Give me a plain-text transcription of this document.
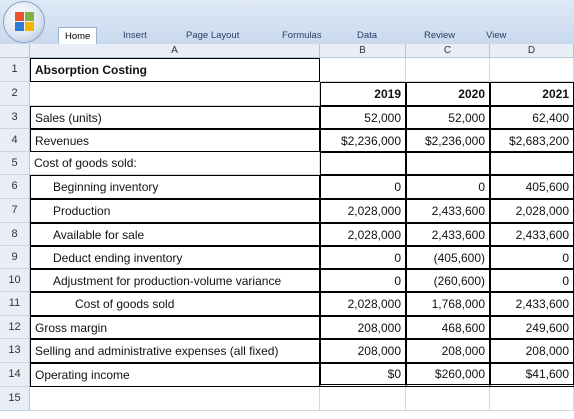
Home	Insert	Page Layout	Formulas	Data	Review	View
A	B	C	D
1
2
3
4
5
6
7
8
9
10
11
12
13
14
15
Absorption Costing
2019	2020	2021
Sales (units)	52,000	52,000	62,400
Revenues	$2,236,000	$2,236,000	$2,683,200
Cost of goods sold:
Beginning inventory	0	0	405,600
Production	2,028,000	2,433,600	2,028,000
Available for sale	2,028,000	2,433,600	2,433,600
Deduct ending inventory	0	(405,600)	0
Adjustment for production-volume variance	0	(260,600)	0
Cost of goods sold	2,028,000	1,768,000	2,433,600
Gross margin	208,000	468,600	249,600
Selling and administrative expenses (all fixed)	208,000	208,000	208,000
Operating income	$ 0	$ 260,000	$ 41,600
